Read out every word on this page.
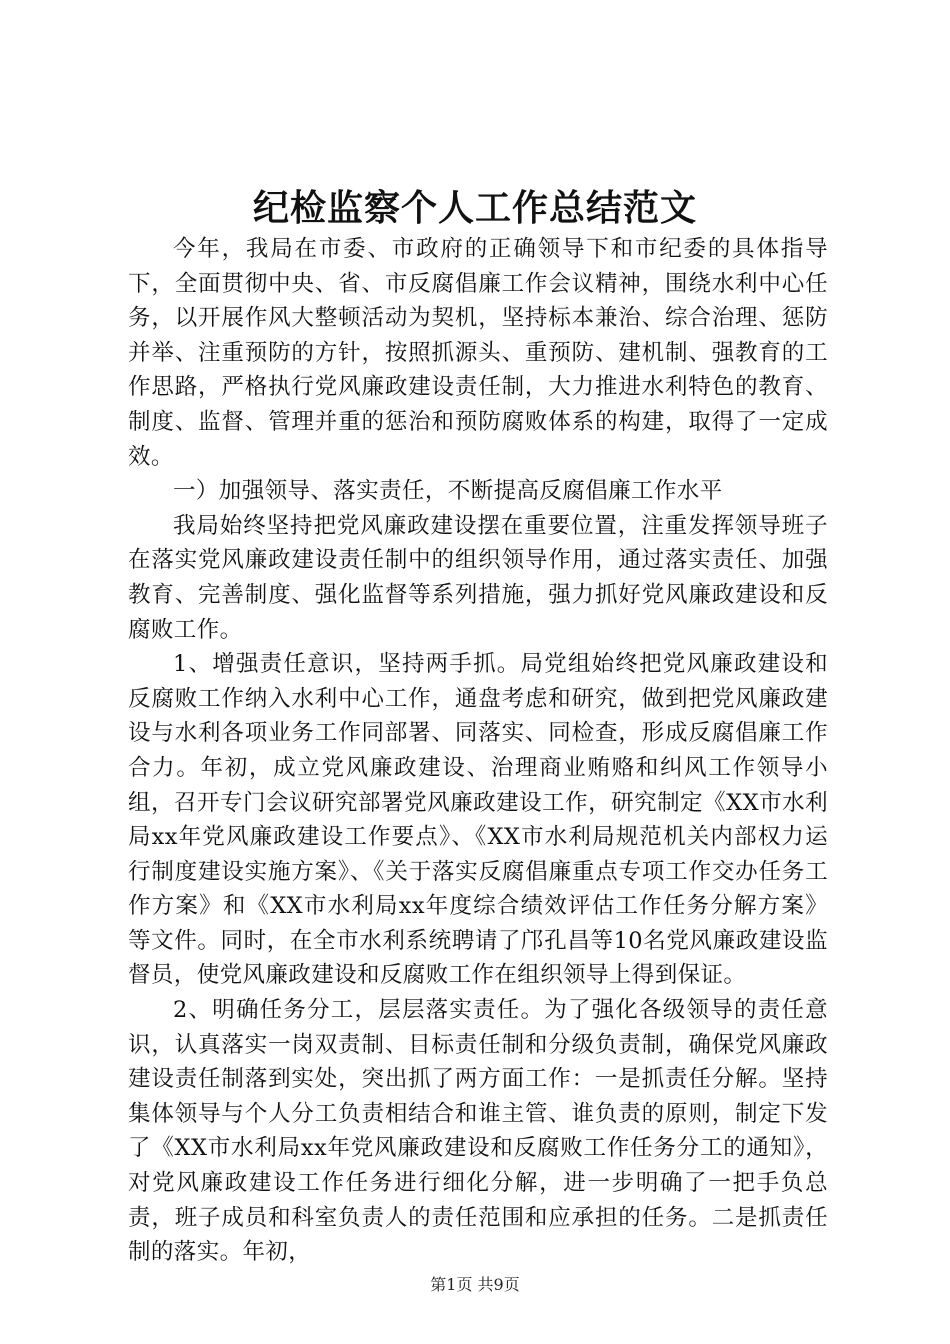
纪检监察个人工作总结范文

今年，我局在市委、市政府的正确领导下和市纪委的具体指导下，全面贯彻中央、省、市反腐倡廉工作会议精神，围绕水利中心任务，以开展作风大整顿活动为契机，坚持标本兼治、综合治理、惩防并举、注重预防的方针，按照抓源头、重预防、建机制、强教育的工作思路，严格执行党风廉政建设责任制，大力推进水利特色的教育、制度、监督、管理并重的惩治和预防腐败体系的构建，取得了一定成效。

一）加强领导、落实责任，不断提高反腐倡廉工作水平

我局始终坚持把党风廉政建设摆在重要位置，注重发挥领导班子在落实党风廉政建设责任制中的组织领导作用，通过落实责任、加强教育、完善制度、强化监督等系列措施，强力抓好党风廉政建设和反腐败工作。

1、增强责任意识，坚持两手抓。局党组始终把党风廉政建设和反腐败工作纳入水利中心工作，通盘考虑和研究，做到把党风廉政建设与水利各项业务工作同部署、同落实、同检查，形成反腐倡廉工作合力。年初，成立党风廉政建设、治理商业贿赂和纠风工作领导小组，召开专门会议研究部署党风廉政建设工作，研究制定《XX市水利局xx年党风廉政建设工作要点》、《XX市水利局规范机关内部权力运行制度建设实施方案》、《关于落实反腐倡廉重点专项工作交办任务工作方案》和《XX市水利局xx年度综合绩效评估工作任务分解方案》等文件。同时，在全市水利系统聘请了邝孔昌等10名党风廉政建设监督员，使党风廉政建设和反腐败工作在组织领导上得到保证。

2、明确任务分工，层层落实责任。为了强化各级领导的责任意识，认真落实一岗双责制、目标责任制和分级负责制，确保党风廉政建设责任制落到实处，突出抓了两方面工作：一是抓责任分解。坚持集体领导与个人分工负责相结合和谁主管、谁负责的原则，制定下发了《XX市水利局xx年党风廉政建设和反腐败工作任务分工的通知》，对党风廉政建设工作任务进行细化分解，进一步明确了一把手负总责，班子成员和科室负责人的责任范围和应承担的任务。二是抓责任制的落实。年初，

第1页 共9页
